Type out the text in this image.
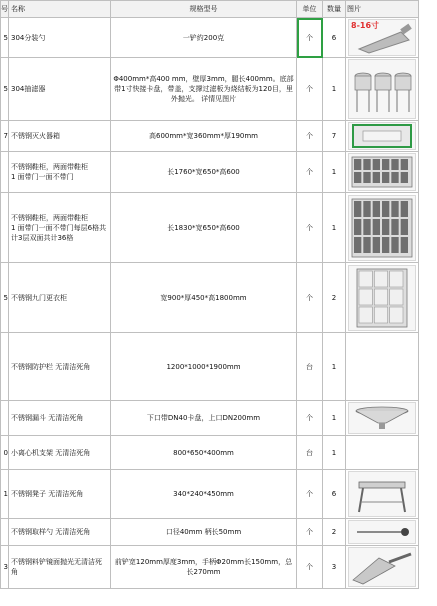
号	名称	规格型号	单位	数量	图片

5	304分装勺	一铲約200克	个	6	8-16寸

5	304抽滤器	Φ400mm*高400 mm，壁厚3mm，腿长400mm。底部带1寸快接卡盘，带盖，支撑过滤板为烧结板为120目，里外抛光。 详情见图片	个	1

7	不锈钢灭火器箱	高600mm*宽360mm*厚190mm	个	7

	不锈钢鞋柜，两面带鞋柜
1 面带门一面不带门	长1760*宽650*高600	个	1

	不锈钢鞋柜，两面带鞋柜
1 面带门一面不带门每层6格共计3层双面共计36格	长1830*宽650*高600	个	1

5	不锈钢九门更衣柜	宽900*厚450*高1800mm	个	2

	不锈钢防护栏 无清洁死角	1200*1000*1900mm	台	1	

	不锈钢漏斗 无清洁死角	下口带DN40卡盘，上口DN200mm	个	1

0	小离心机支架 无清洁死角	800*650*400mm	台	1	

1	不锈钢凳子 无清洁死角	340*240*450mm	个	6

	不锈钢取样勺 无清洁死角	口径40mm 柄长50mm	个	2

3	不锈钢料铲镜面抛光无清洁死角	前铲宽120mm厚度3mm，手柄Φ20mm长150mm，总长270mm	个	3
